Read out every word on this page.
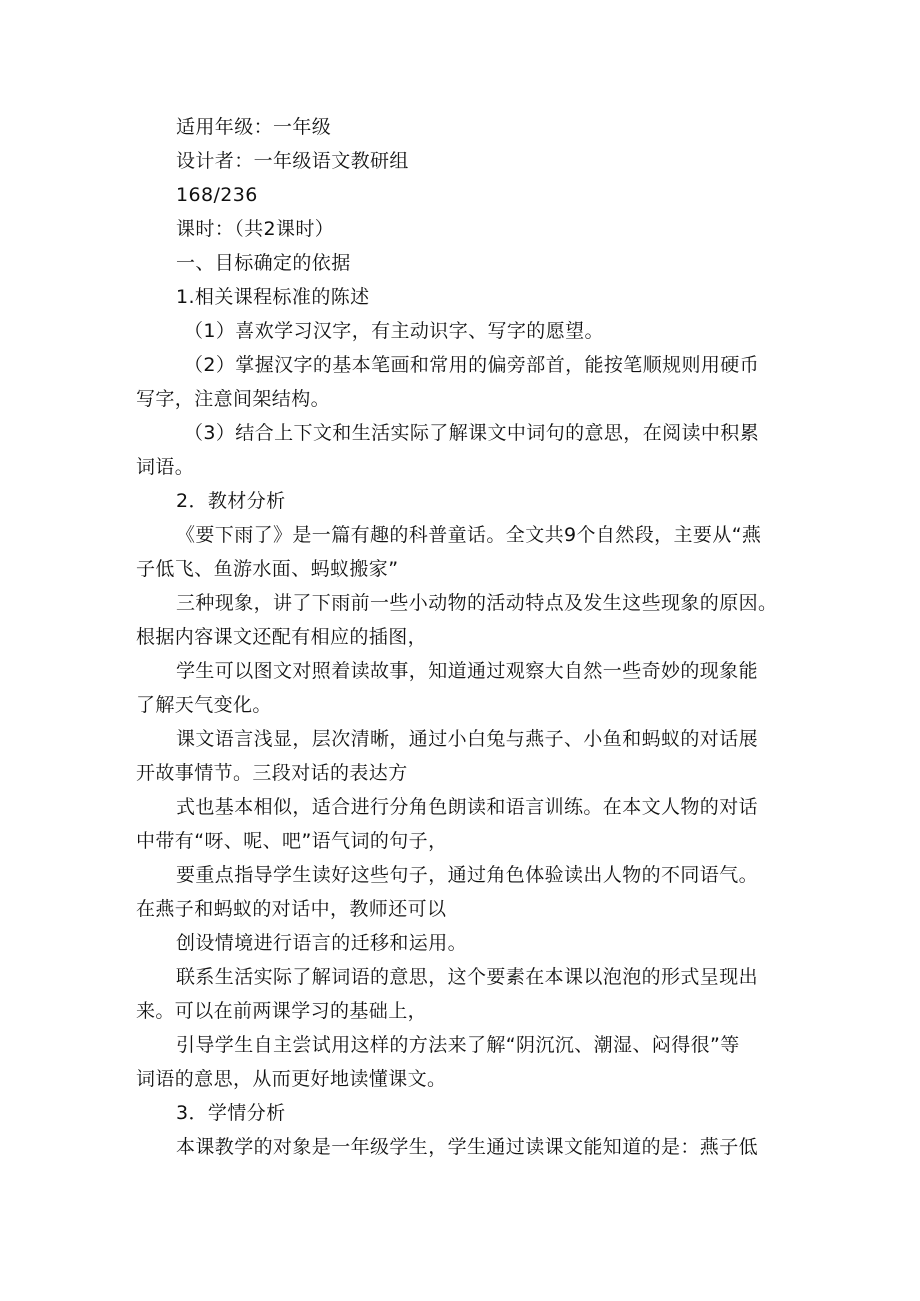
适用年级：一年级
设计者：一年级语文教研组
168/236
课时：（共2课时）
一、目标确定的依据
1.相关课程标准的陈述
（1）喜欢学习汉字，有主动识字、写字的愿望。
（2）掌握汉字的基本笔画和常用的偏旁部首，能按笔顺规则用硬币
写字，注意间架结构。
（3）结合上下文和生活实际了解课文中词句的意思，在阅读中积累
词语。
2．教材分析
《要下雨了》是一篇有趣的科普童话。全文共9个自然段，主要从“燕
子低飞、鱼游水面、蚂蚁搬家”
三种现象，讲了下雨前一些小动物的活动特点及发生这些现象的原因。
根据内容课文还配有相应的插图，
学生可以图文对照着读故事，知道通过观察大自然一些奇妙的现象能
了解天气变化。
课文语言浅显，层次清晰，通过小白兔与燕子、小鱼和蚂蚁的对话展
开故事情节。三段对话的表达方
式也基本相似，适合进行分角色朗读和语言训练。在本文人物的对话
中带有“呀、呢、吧”语气词的句子，
要重点指导学生读好这些句子，通过角色体验读出人物的不同语气。
在燕子和蚂蚁的对话中，教师还可以
创设情境进行语言的迁移和运用。
联系生活实际了解词语的意思，这个要素在本课以泡泡的形式呈现出
来。可以在前两课学习的基础上，
引导学生自主尝试用这样的方法来了解“阴沉沉、潮湿、闷得很”等
词语的意思，从而更好地读懂课文。
3．学情分析
本课教学的对象是一年级学生，学生通过读课文能知道的是：燕子低
